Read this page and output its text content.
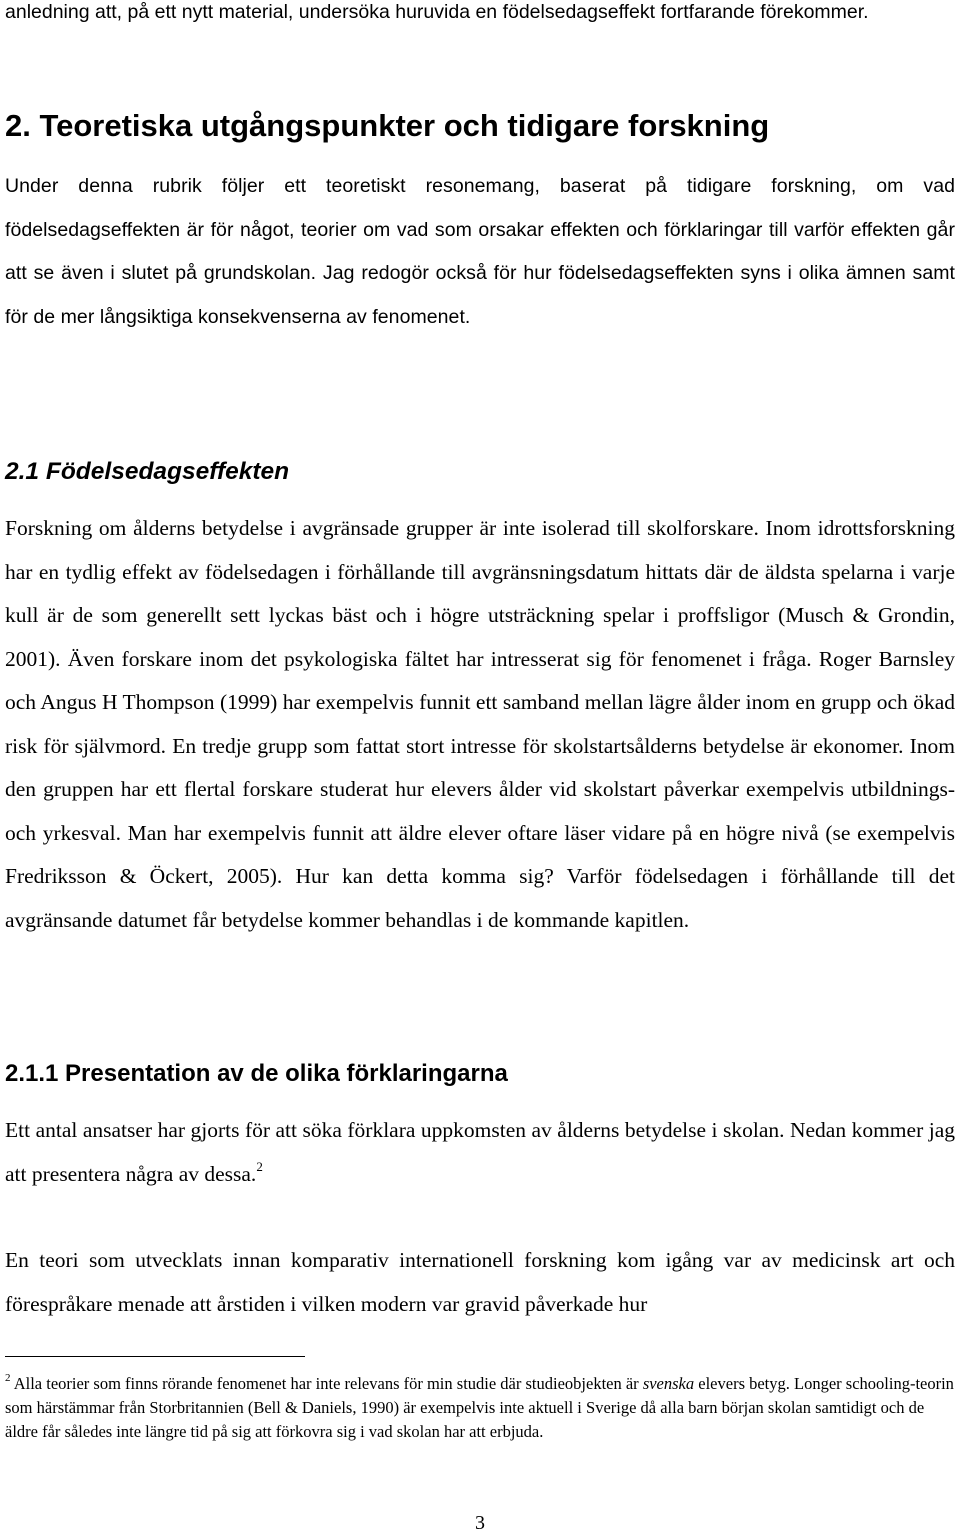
anledning att, på ett nytt material, undersöka huruvida en födelsedagseffekt fortfarande förekommer.

2. Teoretiska utgångspunkter och tidigare forskning

Under denna rubrik följer ett teoretiskt resonemang, baserat på tidigare forskning, om vad födelsedagseffekten är för något, teorier om vad som orsakar effekten och förklaringar till varför effekten går att se även i slutet på grundskolan. Jag redogör också för hur födelsedagseffekten syns i olika ämnen samt för de mer långsiktiga konsekvenserna av fenomenet.

2.1 Födelsedagseffekten

Forskning om ålderns betydelse i avgränsade grupper är inte isolerad till skolforskare. Inom idrottsforskning har en tydlig effekt av födelsedagen i förhållande till avgränsningsdatum hittats där de äldsta spelarna i varje kull är de som generellt sett lyckas bäst och i högre utsträckning spelar i proffsligor (Musch & Grondin, 2001). Även forskare inom det psykologiska fältet har intresserat sig för fenomenet i fråga. Roger Barnsley och Angus H Thompson (1999) har exempelvis funnit ett samband mellan lägre ålder inom en grupp och ökad risk för självmord. En tredje grupp som fattat stort intresse för skolstartsålderns betydelse är ekonomer. Inom den gruppen har ett flertal forskare studerat hur elevers ålder vid skolstart påverkar exempelvis utbildnings- och yrkesval. Man har exempelvis funnit att äldre elever oftare läser vidare på en högre nivå (se exempelvis Fredriksson & Öckert, 2005). Hur kan detta komma sig? Varför födelsedagen i förhållande till det avgränsande datumet får betydelse kommer behandlas i de kommande kapitlen.

2.1.1 Presentation av de olika förklaringarna

Ett antal ansatser har gjorts för att söka förklara uppkomsten av ålderns betydelse i skolan. Nedan kommer jag att presentera några av dessa.$^2$

En teori som utvecklats innan komparativ internationell forskning kom igång var av medicinsk art och förespråkare menade att årstiden i vilken modern var gravid påverkade hur

$^2$ Alla teorier som finns rörande fenomenet har inte relevans för min studie där studieobjekten är svenska elevers betyg. Longer schooling-teorin som härstämmar från Storbritannien (Bell & Daniels, 1990) är exempelvis inte aktuell i Sverige då alla barn början skolan samtidigt och de äldre får således inte längre tid på sig att förkovra sig i vad skolan har att erbjuda.

3
